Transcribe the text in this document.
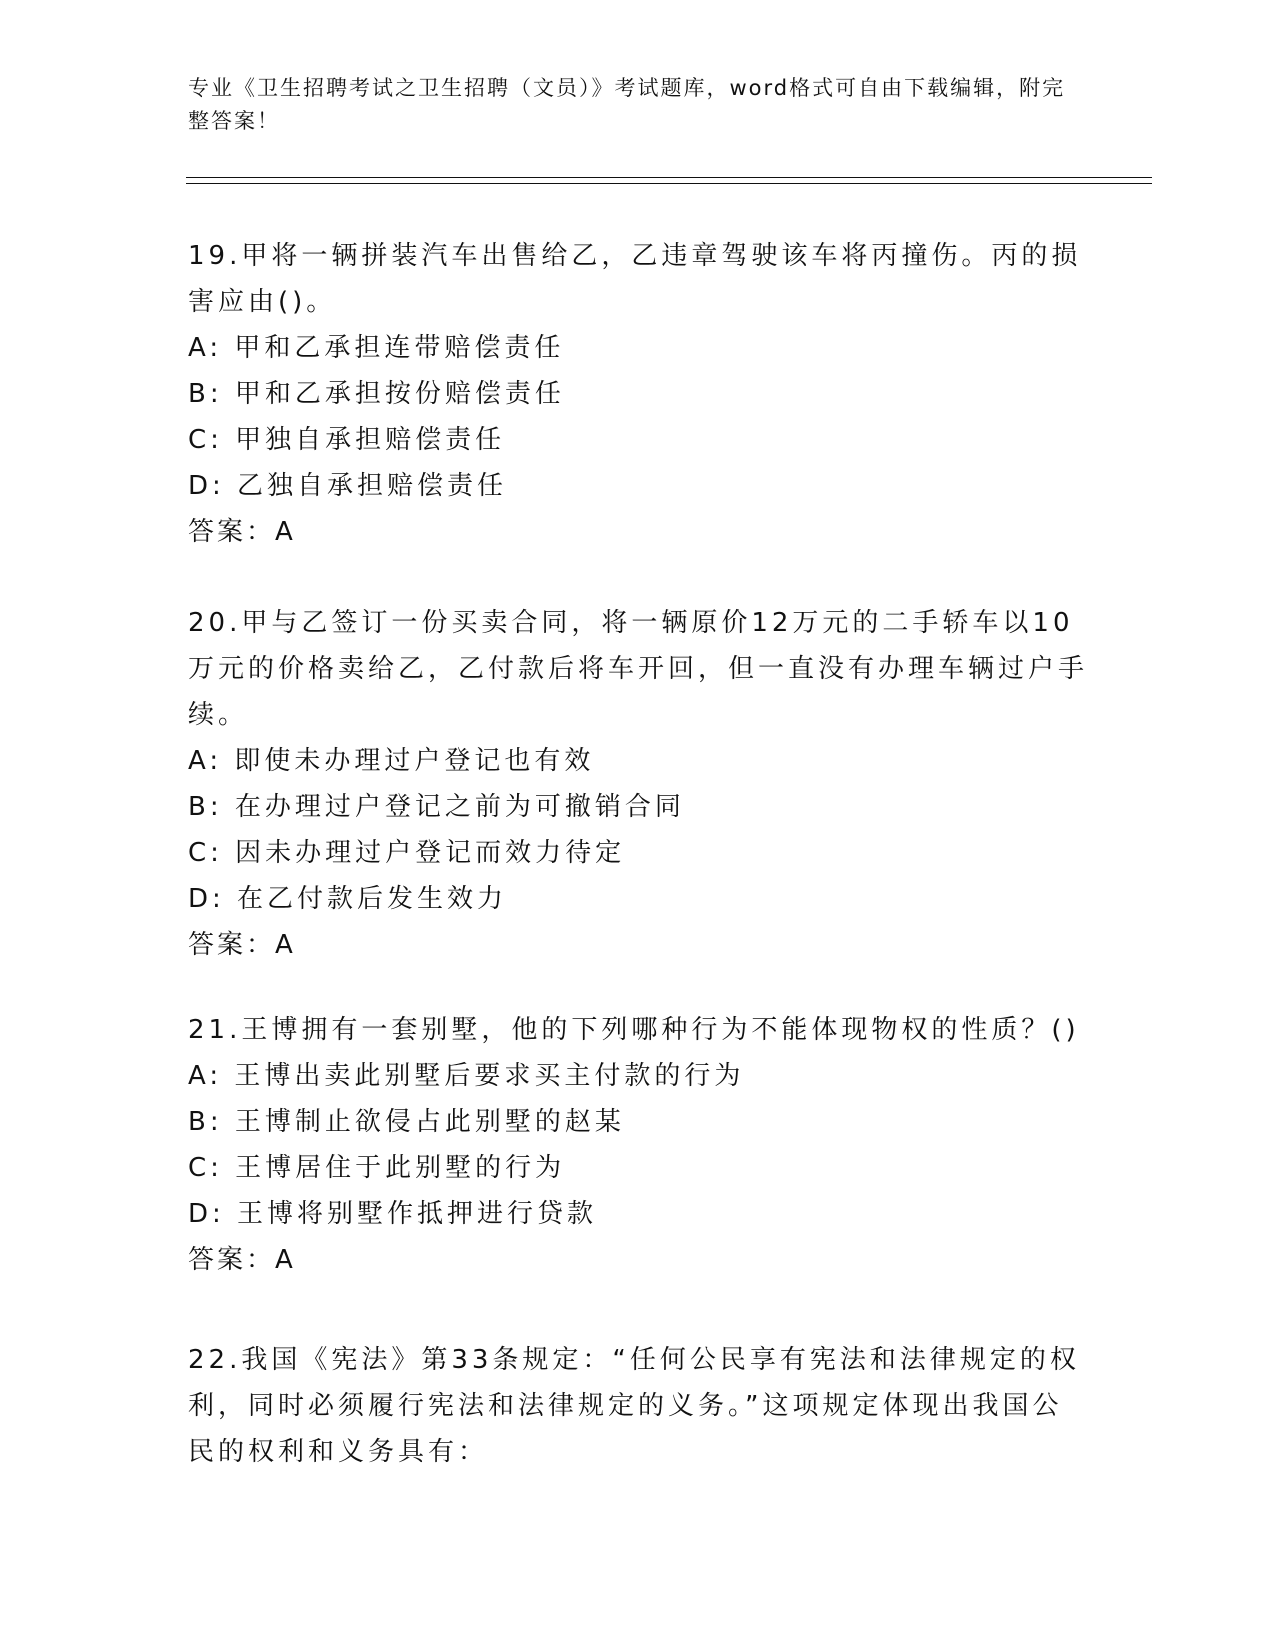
专业《卫生招聘考试之卫生招聘（文员）》考试题库，word格式可自由下载编辑，附完整答案！
19.甲将一辆拼装汽车出售给乙，乙违章驾驶该车将丙撞伤。丙的损害应由()。
A: 甲和乙承担连带赔偿责任
B: 甲和乙承担按份赔偿责任
C: 甲独自承担赔偿责任
D: 乙独自承担赔偿责任
答案：A
20.甲与乙签订一份买卖合同，将一辆原价12万元的二手轿车以10万元的价格卖给乙，乙付款后将车开回，但一直没有办理车辆过户手续。
A: 即使未办理过户登记也有效
B: 在办理过户登记之前为可撤销合同
C: 因未办理过户登记而效力待定
D: 在乙付款后发生效力
答案：A
21.王博拥有一套别墅，他的下列哪种行为不能体现物权的性质？()
A: 王博出卖此别墅后要求买主付款的行为
B: 王博制止欲侵占此别墅的赵某
C: 王博居住于此别墅的行为
D: 王博将别墅作抵押进行贷款
答案：A
22.我国《宪法》第33条规定：“任何公民享有宪法和法律规定的权利，同时必须履行宪法和法律规定的义务。”这项规定体现出我国公民的权利和义务具有：
